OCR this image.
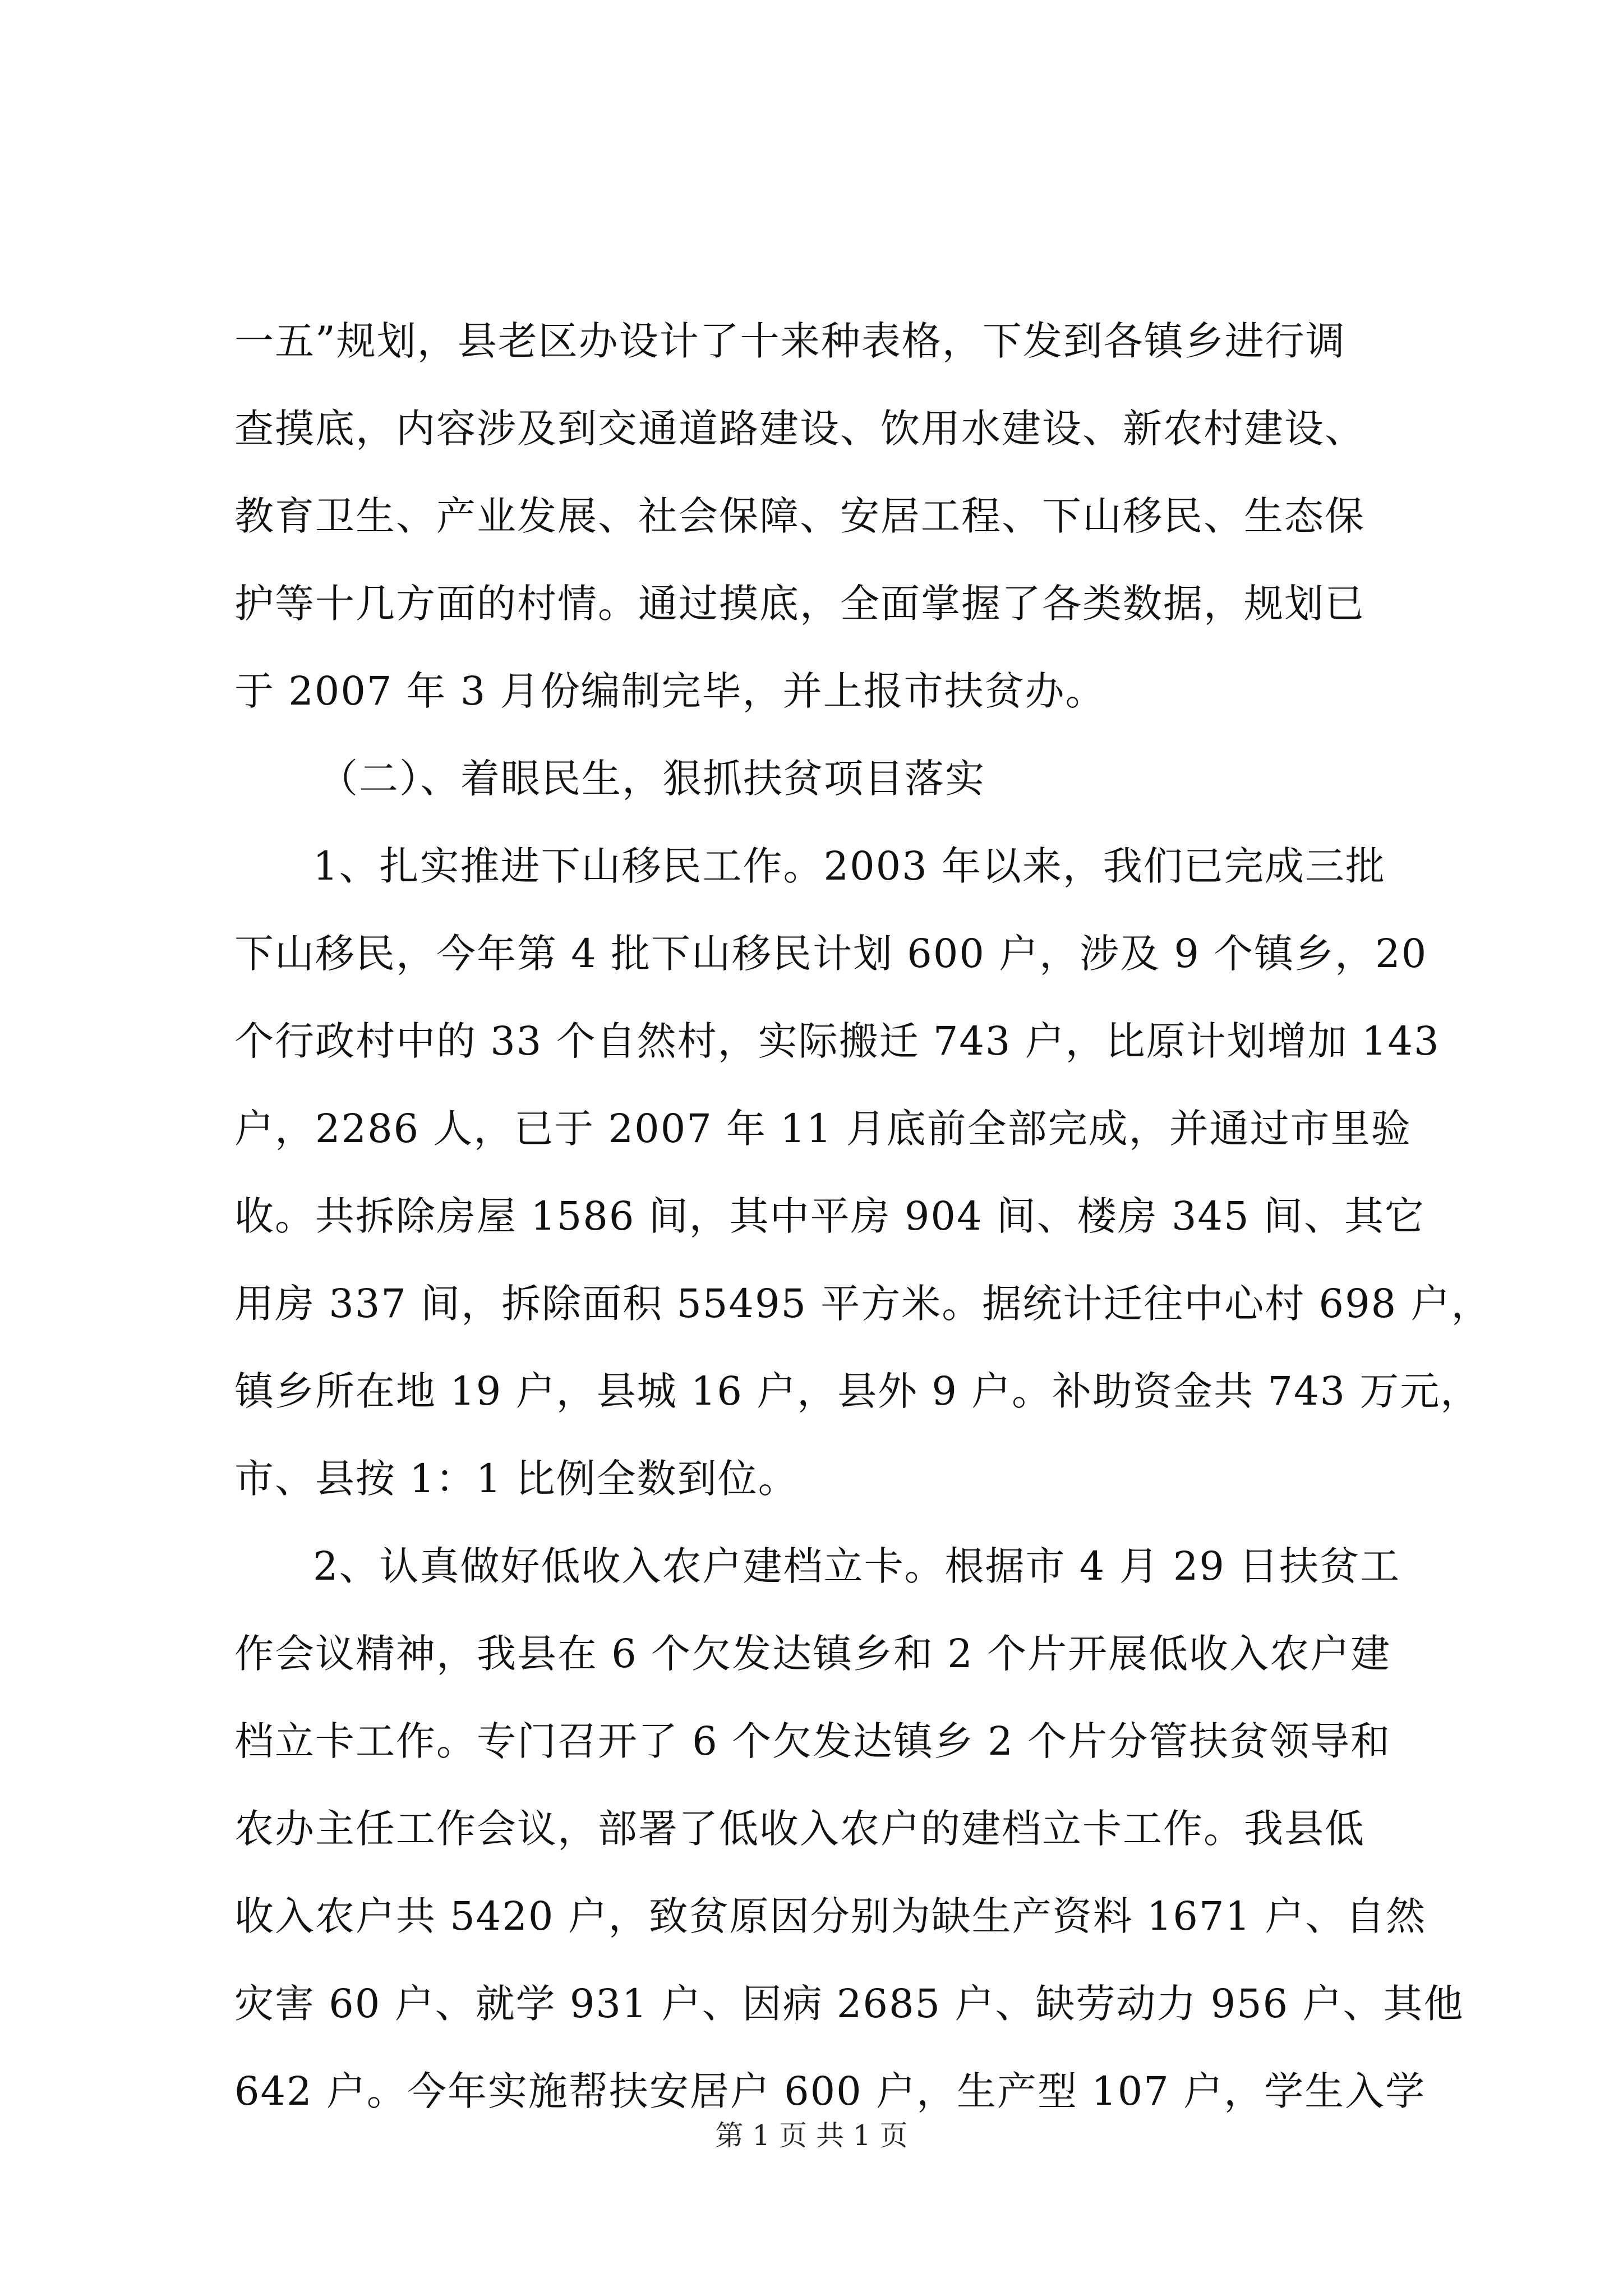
一五”规划，县老区办设计了十来种表格，下发到各镇乡进行调
查摸底，内容涉及到交通道路建设、饮用水建设、新农村建设、
教育卫生、产业发展、社会保障、安居工程、下山移民、生态保
护等十几方面的村情。通过摸底，全面掌握了各类数据，规划已
于 2007 年 3 月份编制完毕，并上报市扶贫办。
（二）、着眼民生，狠抓扶贫项目落实
1、扎实推进下山移民工作。2003 年以来，我们已完成三批
下山移民，今年第 4 批下山移民计划 600 户，涉及 9 个镇乡，20
个行政村中的 33 个自然村，实际搬迁 743 户，比原计划增加 143
户，2286 人，已于 2007 年 11 月底前全部完成，并通过市里验
收。共拆除房屋 1586 间，其中平房 904 间、楼房 345 间、其它
用房 337 间，拆除面积 55495 平方米。据统计迁往中心村 698 户，
镇乡所在地 19 户，县城 16 户，县外 9 户。补助资金共 743 万元，
市、县按 1：1 比例全数到位。
2、认真做好低收入农户建档立卡。根据市 4 月 29 日扶贫工
作会议精神，我县在 6 个欠发达镇乡和 2 个片开展低收入农户建
档立卡工作。专门召开了 6 个欠发达镇乡 2 个片分管扶贫领导和
农办主任工作会议，部署了低收入农户的建档立卡工作。我县低
收入农户共 5420 户，致贫原因分别为缺生产资料 1671 户、自然
灾害 60 户、就学 931 户、因病 2685 户、缺劳动力 956 户、其他
642 户。今年实施帮扶安居户 600 户，生产型 107 户，学生入学
第 1 页 共 1 页
